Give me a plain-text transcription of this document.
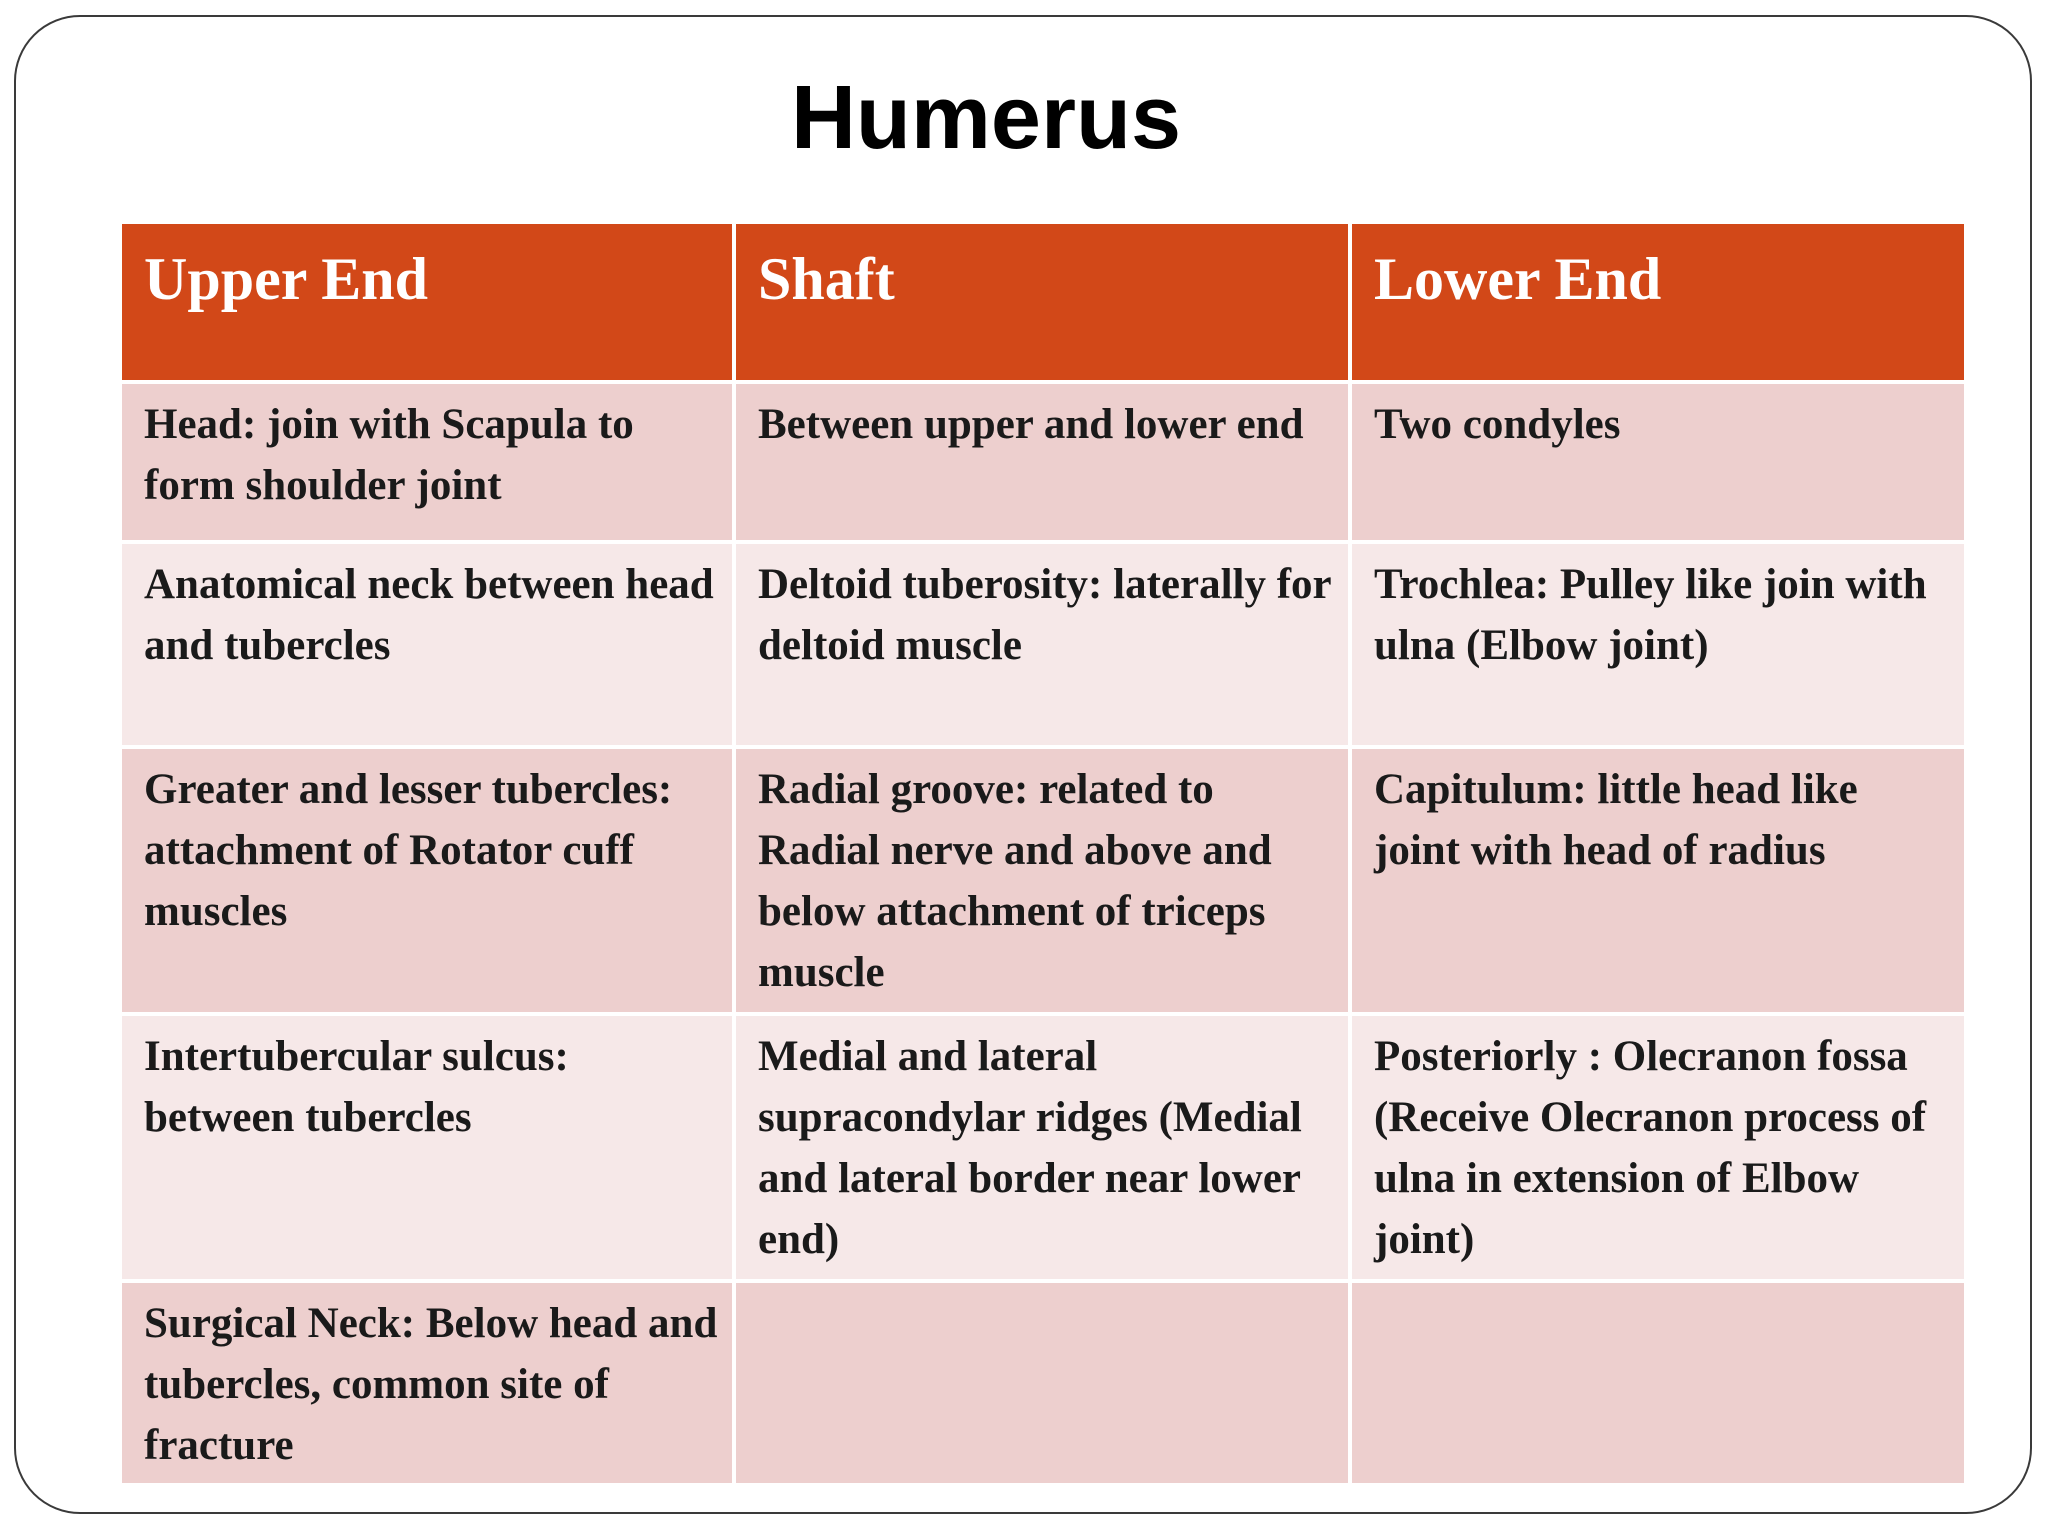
Humerus
Upper End	Shaft	Lower End
Head: join with Scapula to form shoulder joint	Between upper and lower end	Two condyles
Anatomical neck between head and tubercles	Deltoid tuberosity: laterally for deltoid muscle	Trochlea: Pulley like join with ulna (Elbow joint)
Greater and lesser tubercles: attachment of Rotator cuff muscles	Radial groove: related to Radial nerve and above and below attachment of triceps muscle	Capitulum: little head like joint with head of radius
Intertubercular sulcus: between tubercles	Medial and lateral supracondylar ridges (Medial and lateral border near lower end)	Posteriorly : Olecranon fossa (Receive Olecranon process of ulna in extension of Elbow joint)
Surgical Neck: Below head and tubercles, common site of fracture		
